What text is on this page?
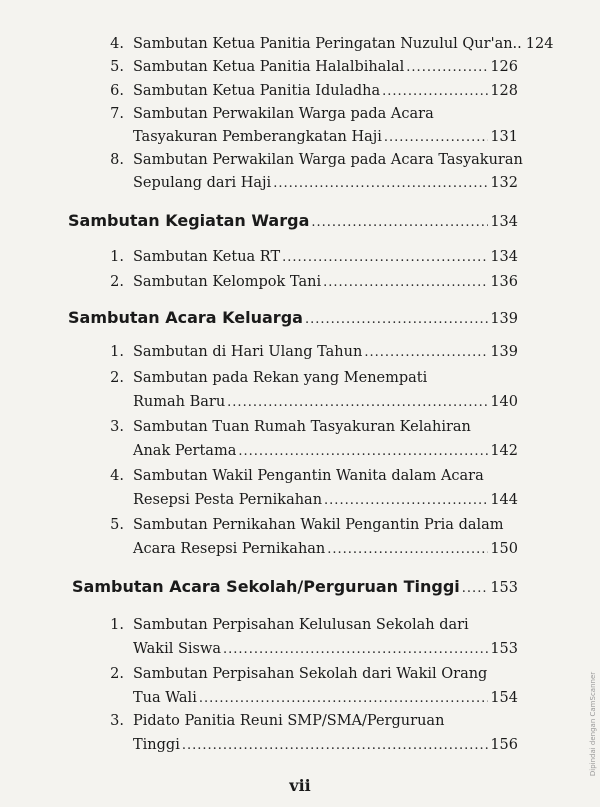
4. Sambutan Ketua Panitia Peringatan Nuzulul Qur'an.. 124
5. Sambutan Ketua Panitia Halalbihalal .....	126
6. Sambutan Ketua Panitia Iduladha .....	128
7. Sambutan Perwakilan Warga pada Acara
Tasyakuran Pemberangkatan Haji .....	131
8. Sambutan Perwakilan Warga pada Acara Tasyakuran
Sepulang dari Haji .....	132
Sambutan Kegiatan Warga .....	134
1. Sambutan Ketua RT .....	134
2. Sambutan Kelompok Tani .....	136
Sambutan Acara Keluarga .....	139
1. Sambutan di Hari Ulang Tahun .....	139
2. Sambutan pada Rekan yang Menempati
Rumah Baru .....	140
3. Sambutan Tuan Rumah Tasyakuran Kelahiran
Anak Pertama .....	142
4. Sambutan Wakil Pengantin Wanita dalam Acara
Resepsi Pesta Pernikahan .....	144
5. Sambutan Pernikahan Wakil Pengantin Pria dalam
Acara Resepsi Pernikahan .....	150
Sambutan Acara Sekolah/Perguruan Tinggi ..... 153
1. Sambutan Perpisahan Kelulusan Sekolah dari
Wakil Siswa .....	153
2. Sambutan Perpisahan Sekolah dari Wakil Orang
Tua Wali .....	154
3. Pidato Panitia Reuni SMP/SMA/Perguruan
Tinggi .....	156
vii
Dipindai dengan CamScanner
